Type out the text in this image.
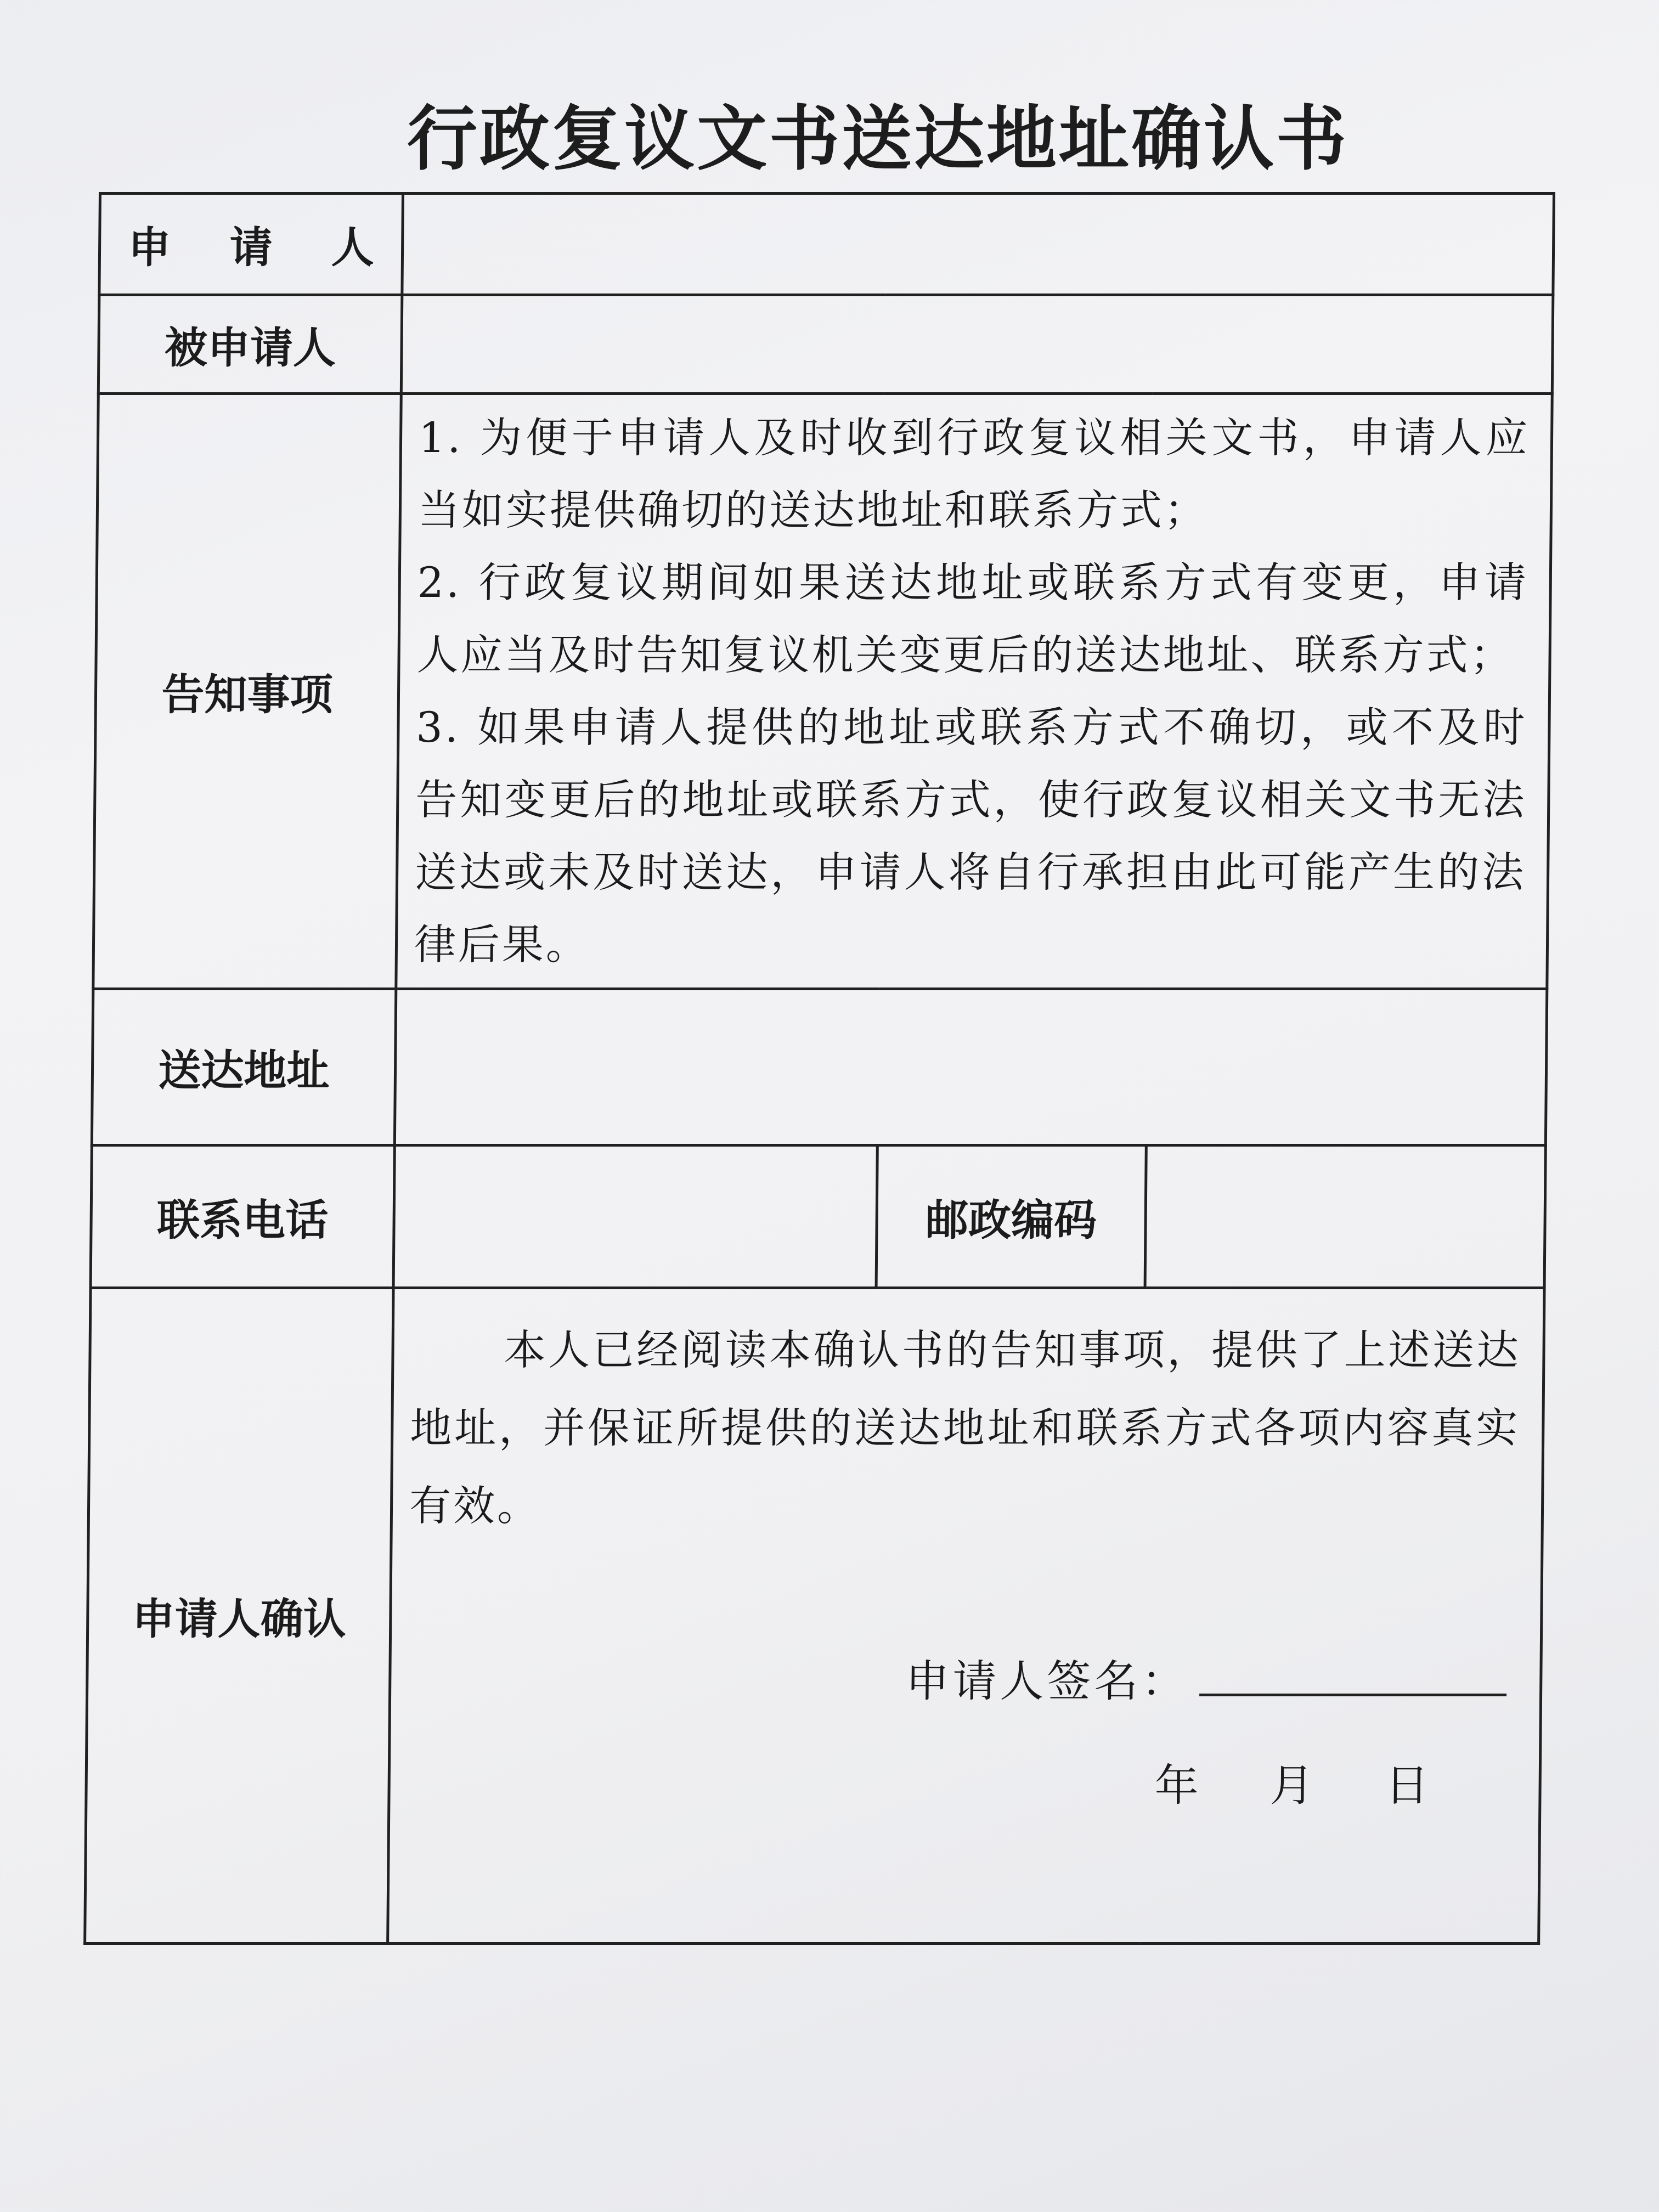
行政复议文书送达地址确认书
申 请 人			
被申请人			
告知事项	1. 为便于申请人及时收到行政复议相关文书，申请人应当如实提供确切的送达地址和联系方式；

2. 行政复议期间如果送达地址或联系方式有变更，申请人应当及时告知复议机关变更后的送达地址、联系方式；

3. 如果申请人提供的地址或联系方式不确切，或不及时告知变更后的地址或联系方式，使行政复议相关文书无法送达或未及时送达，申请人将自行承担由此可能产生的法律后果。		

送达地址			
联系电话		邮政编码	
申请人确认	本人已经阅读本确认书的告知事项，提供了上述送达地址，并保证所提供的送达地址和联系方式各项内容真实有效。

申请人签名：
年 月 日		
